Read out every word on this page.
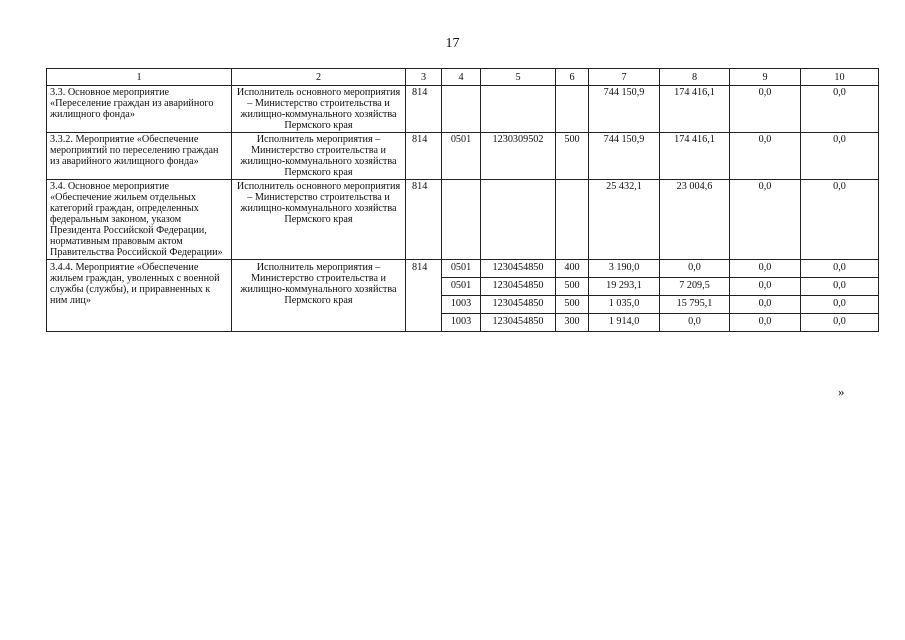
17
1	2	3	4	5	6	7	8	9	10
3.3. Основное мероприятие «Переселение граждан из аварийного жилищного фонда»	Исполнитель основного мероприятия – Министерство строительства и жилищно-коммунального хозяйства Пермского края	814				744 150,9	174 416,1	0,0	0,0
3.3.2. Мероприятие «Обеспечение мероприятий по переселению граждан из аварийного жилищного фонда»	Исполнитель мероприятия – Министерство строительства и жилищно-коммунального хозяйства Пермского края	814	0501	1230309502	500	744 150,9	174 416,1	0,0	0,0
3.4. Основное мероприятие «Обеспечение жильем отдельных категорий граждан, определенных федеральным законом, указом Президента Российской Федерации, нормативным правовым актом Правительства Российской Федерации»	Исполнитель основного мероприятия – Министерство строительства и жилищно-коммунального хозяйства Пермского края	814				25 432,1	23 004,6	0,0	0,0
3.4.4. Мероприятие «Обеспечение жильем граждан, уволенных с военной службы (службы), и приравненных к ним лиц»	Исполнитель мероприятия – Министерство строительства и жилищно-коммунального хозяйства Пермского края	814	0501	1230454850	400	3 190,0	0,0	0,0	0,0
			0501	1230454850	500	19 293,1	7 209,5	0,0	0,0
			1003	1230454850	500	1 035,0	15 795,1	0,0	0,0
			1003	1230454850	300	1 914,0	0,0	0,0	0,0
»
